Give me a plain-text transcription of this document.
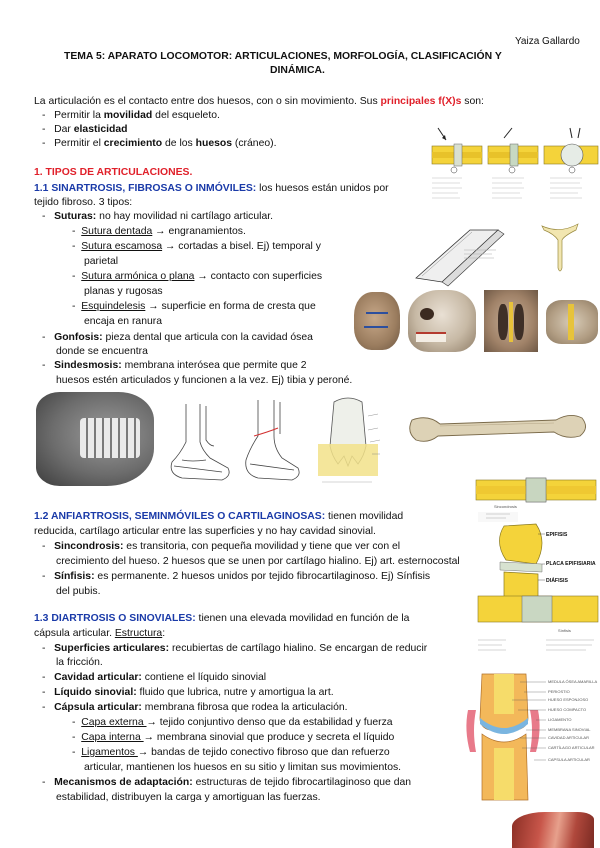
Yaiza Gallardo
TEMA 5: APARATO LOCOMOTOR: ARTICULACIONES, MORFOLOGÍA, CLASIFICACIÓN Y
DINÁMICA.
La articulación es el contacto entre dos huesos, con o sin movimiento. Sus principales f(X)s son:
-   Permitir la movilidad del esqueleto.
-   Dar elasticidad
-   Permitir el crecimiento de los huesos (cráneo).
1. TIPOS DE ARTICULACIONES.
1.1 SINARTROSIS, FIBROSAS O INMÓVILES: los huesos están unidos por
tejido fibroso. 3 tipos:
-   Suturas: no hay movilidad ni cartílago articular.
-  Sutura dentada → engranamientos.
-  Sutura escamosa → cortadas a bisel. Ej) temporal y
parietal
-  Sutura armónica o plana → contacto con superficies
planas y rugosas
-  Esquindelesis → superficie en forma de cresta que
encaja en ranura
-   Gonfosis: pieza dental que articula con la cavidad ósea
donde se encuentra
-   Sindesmosis: membrana interósea que permite que 2
huesos estén articulados y funcionen a la vez. Ej) tibia y peroné.
1.2 ANFIARTROSIS, SEMINMÓVILES O CARTILAGINOSAS: tienen movilidad
reducida, cartílago articular entre las superficies y no hay cavidad sinovial.
-   Sincondrosis: es transitoria, con pequeña movilidad y tiene que ver con el
crecimiento del hueso. 2 huesos que se unen por cartílago hialino. Ej) art. esternocostal
-   Sínfisis: es permanente. 2 huesos unidos por tejido fibrocartilaginoso. Ej) Sínfisis
del pubis.
1.3 DIARTROSIS O SINOVIALES: tienen una elevada movilidad en función de la
cápsula articular. Estructura:
-   Superficies articulares: recubiertas de cartílago hialino. Se encargan de reducir
la fricción.
-   Cavidad articular: contiene el líquido sinovial
-   Líquido sinovial: fluido que lubrica, nutre y amortigua la art.
-   Cápsula articular: membrana fibrosa que rodea la articulación.
-  Capa externa → tejido conjuntivo denso que da estabilidad y fuerza
-  Capa interna → membrana sinovial que produce y secreta el líquido
-  Ligamentos → bandas de tejido conectivo fibroso que dan refuerzo
articular, mantienen los huesos en su sitio y limitan sus movimientos.
-   Mecanismos de adaptación: estructuras de tejido fibrocartilaginoso que dan
estabilidad, distribuyen la carga y amortiguan las fuerzas.
Sincondrosis
EPIFISIS
PLACA EPIFISIARIA
DIÁFISIS
Sínfisis
MEDULA ÓSEA AMARILLA
PERIOSTIO
HUESO ESPONJOSO
HUESO COMPACTO
LIGAMENTO
MEMBRANA SINOVIAL
CAVIDAD ARTICULAR
CARTÍLAGO ARTICULAR
CAPSULA ARTICULAR
